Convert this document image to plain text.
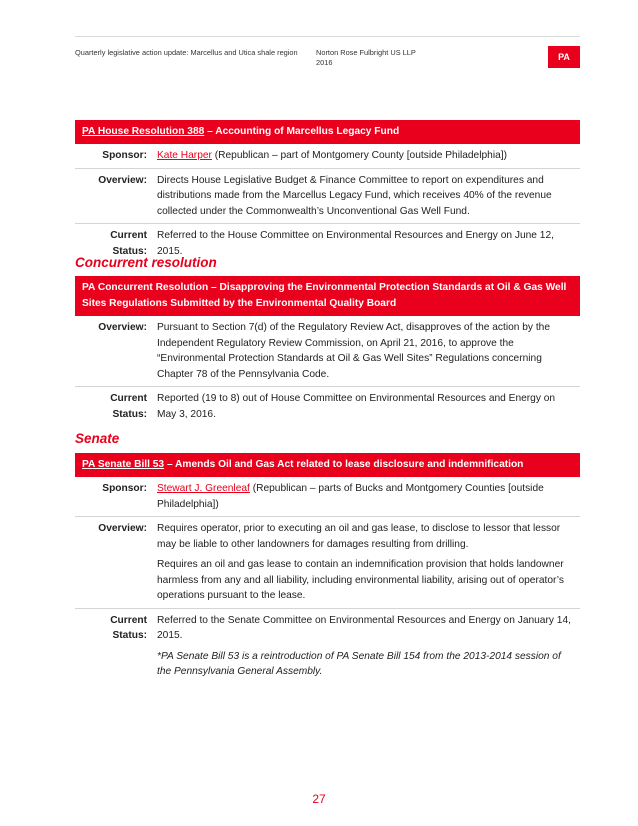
Quarterly legislative action update: Marcellus and Utica shale region Norton Rose Fulbright US LLP
2016
PA
PA House Resolution 388 – Accounting of Marcellus Legacy Fund
Sponsor: Kate Harper (Republican – part of Montgomery County [outside Philadelphia])
Overview: Directs House Legislative Budget & Finance Committee to report on expenditures and distributions made from the Marcellus Legacy Fund, which receives 40% of the revenue collected under the Commonwealth’s Unconventional Gas Well Fund.
Current
Status:
Referred to the House Committee on Environmental Resources and Energy on June 12, 2015.
Concurrent resolution
PA Concurrent Resolution – Disapproving the Environmental Protection Standards at Oil & Gas Well Sites Regulations Submitted by the Environmental Quality Board
Overview: Pursuant to Section 7(d) of the Regulatory Review Act, disapproves of the action by the Independent Regulatory Review Commission, on April 21, 2016, to approve the “Environmental Protection Standards at Oil & Gas Well Sites” Regulations concerning Chapter 78 of the Pennsylvania Code.
Current
Status:
Reported (19 to 8) out of House Committee on Environmental Resources and Energy on May 3, 2016.
Senate
PA Senate Bill 53 – Amends Oil and Gas Act related to lease disclosure and indemnification
Sponsor: Stewart J. Greenleaf (Republican – parts of Bucks and Montgomery Counties [outside Philadelphia])
Overview: Requires operator, prior to executing an oil and gas lease, to disclose to lessor that lessor may be liable to other landowners for damages resulting from drilling.

Requires an oil and gas lease to contain an indemnification provision that holds landowner harmless from any and all liability, including environmental liability, arising out of operator’s operations pursuant to the lease.

Current
Status:

Referred to the Senate Committee on Environmental Resources and Energy on January 14, 2015.

*PA Senate Bill 53 is a reintroduction of PA Senate Bill 154 from the 2013-2014 session of the Pennsylvania General Assembly.

27
